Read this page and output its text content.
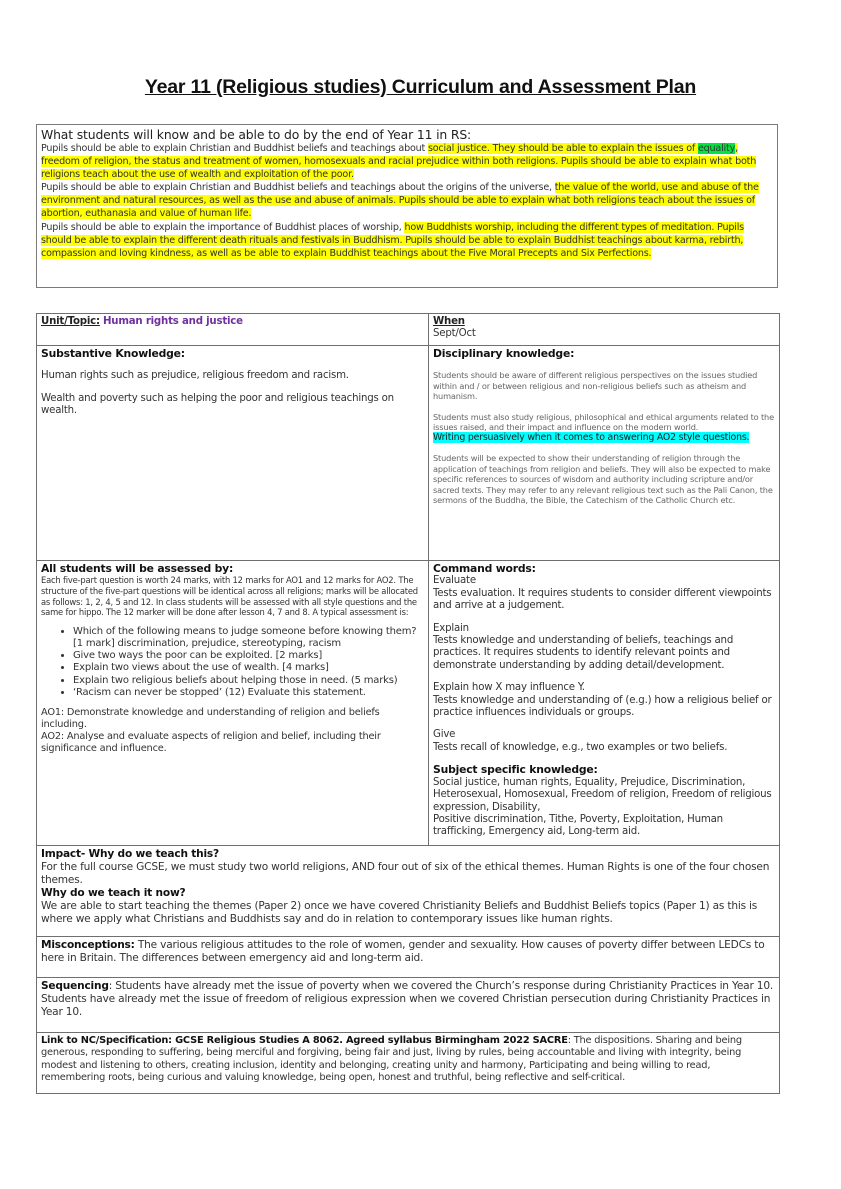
Year 11 (Religious studies) Curriculum and Assessment Plan
What students will know and be able to do by the end of Year 11 in RS:

Pupils should be able to explain Christian and Buddhist beliefs and teachings about social justice. They should be able to explain the issues of equality, freedom of religion, the status and treatment of women, homosexuals and racial prejudice within both religions. Pupils should be able to explain what both religions teach about the use of wealth and exploitation of the poor.

Pupils should be able to explain Christian and Buddhist beliefs and teachings about the origins of the universe, the value of the world, use and abuse of the environment and natural resources, as well as the use and abuse of animals. Pupils should be able to explain what both religions teach about the issues of abortion, euthanasia and value of human life.

Pupils should be able to explain the importance of Buddhist places of worship, how Buddhists worship, including the different types of meditation. Pupils should be able to explain the different death rituals and festivals in Buddhism. Pupils should be able to explain Buddhist teachings about karma, rebirth, compassion and loving kindness, as well as be able to explain Buddhist teachings about the Five Moral Precepts and Six Perfections.

Unit/Topic: Human rights and justice	When
Sept/Oct

Substantive Knowledge:
Human rights such as prejudice, religious freedom and racism.
Wealth and poverty such as helping the poor and religious teachings on wealth.

Disciplinary knowledge:
Students should be aware of different religious perspectives on the issues studied within and / or between religious and non-religious beliefs such as atheism and humanism.
Students must also study religious, philosophical and ethical arguments related to the issues raised, and their impact and influence on the modern world.
Writing persuasively when it comes to answering AO2 style questions.
Students will be expected to show their understanding of religion through the application of teachings from religion and beliefs. They will also be expected to make specific references to sources of wisdom and authority including scripture and/or sacred texts. They may refer to any relevant religious text such as the Pali Canon, the sermons of the Buddha, the Bible, the Catechism of the Catholic Church etc.

All students will be assessed by:
Each five-part question is worth 24 marks, with 12 marks for AO1 and 12 marks for AO2. The structure of the five-part questions will be identical across all religions; marks will be allocated as follows: 1, 2, 4, 5 and 12. In class students will be assessed with all style questions and the same for hippo. The 12 marker will be done after lesson 4, 7 and 8. A typical assessment is:
• Which of the following means to judge someone before knowing them? [1 mark] discrimination, prejudice, stereotyping, racism
• Give two ways the poor can be exploited. [2 marks]
• Explain two views about the use of wealth. [4 marks]
• Explain two religious beliefs about helping those in need. (5 marks)
• ‘Racism can never be stopped’ (12) Evaluate this statement.
AO1: Demonstrate knowledge and understanding of religion and beliefs including.
AO2: Analyse and evaluate aspects of religion and belief, including their significance and influence.

Command words:
Evaluate
Tests evaluation. It requires students to consider different viewpoints and arrive at a judgement.
Explain
Tests knowledge and understanding of beliefs, teachings and practices. It requires students to identify relevant points and demonstrate understanding by adding detail/development.
Explain how X may influence Y.
Tests knowledge and understanding of (e.g.) how a religious belief or practice influences individuals or groups.
Give
Tests recall of knowledge, e.g., two examples or two beliefs.
Subject specific knowledge:
Social justice, human rights, Equality, Prejudice, Discrimination, Heterosexual, Homosexual, Freedom of religion, Freedom of religious expression, Disability,
Positive discrimination, Tithe, Poverty, Exploitation, Human trafficking, Emergency aid, Long-term aid.

Impact- Why do we teach this?
For the full course GCSE, we must study two world religions, AND four out of six of the ethical themes. Human Rights is one of the four chosen themes.
Why do we teach it now?
We are able to start teaching the themes (Paper 2) once we have covered Christianity Beliefs and Buddhist Beliefs topics (Paper 1) as this is where we apply what Christians and Buddhists say and do in relation to contemporary issues like human rights.	

Misconceptions: The various religious attitudes to the role of women, gender and sexuality. How causes of poverty differ between LEDCs to here in Britain. The differences between emergency aid and long-term aid.	
Sequencing: Students have already met the issue of poverty when we covered the Church’s response during Christianity Practices in Year 10. Students have already met the issue of freedom of religious expression when we covered Christian persecution during Christianity Practices in Year 10.	
Link to NC/Specification: GCSE Religious Studies A 8062. Agreed syllabus Birmingham 2022 SACRE: The dispositions. Sharing and being generous, responding to suffering, being merciful and forgiving, being fair and just, living by rules, being accountable and living with integrity, being modest and listening to others, creating inclusion, identity and belonging, creating unity and harmony, Participating and being willing to read, remembering roots, being curious and valuing knowledge, being open, honest and truthful, being reflective and self-critical.	
